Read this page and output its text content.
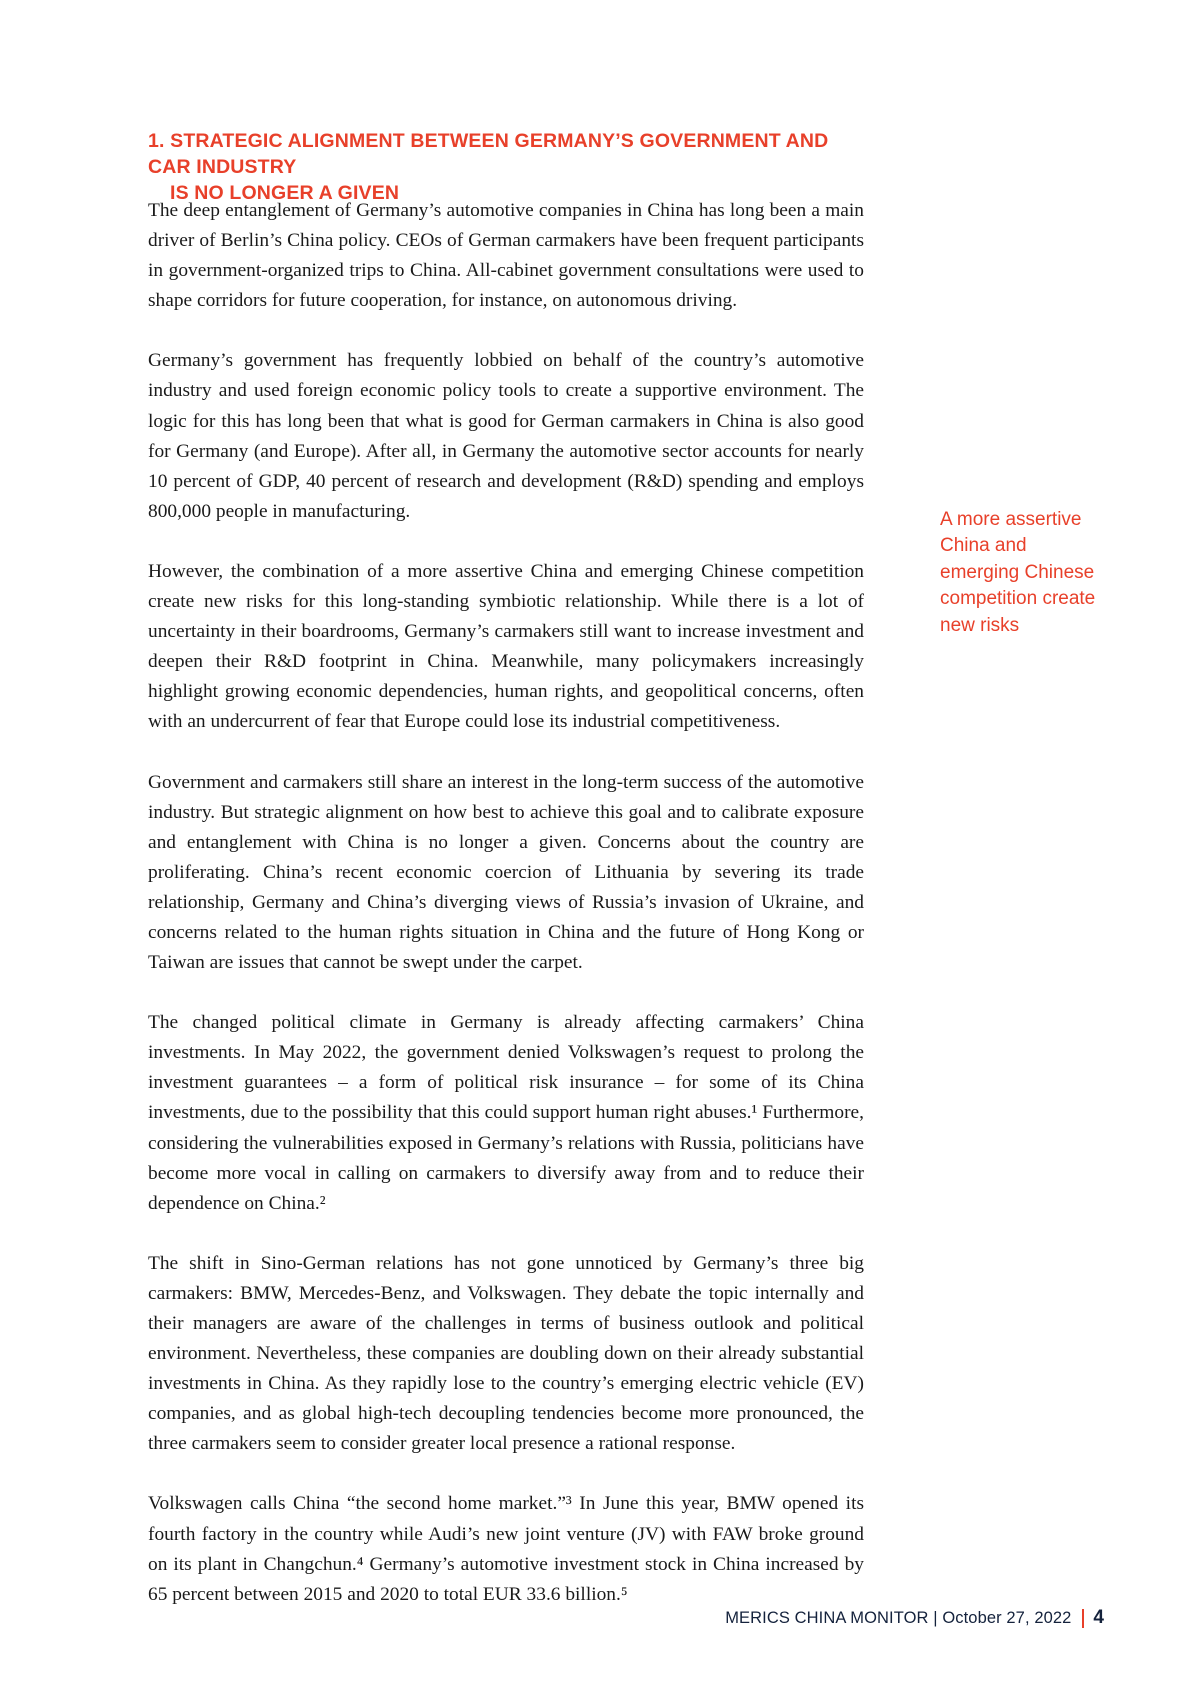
1. STRATEGIC ALIGNMENT BETWEEN GERMANY’S GOVERNMENT AND CAR INDUSTRY
IS NO LONGER A GIVEN

The deep entanglement of Germany’s automotive companies in China has long been a main driver of Berlin’s China policy. CEOs of German carmakers have been frequent participants in government-organized trips to China. All-cabinet government consultations were used to shape corridors for future cooperation, for instance, on autonomous driving.

Germany’s government has frequently lobbied on behalf of the country’s automotive industry and used foreign economic policy tools to create a supportive environment. The logic for this has long been that what is good for German carmakers in China is also good for Germany (and Europe). After all, in Germany the automotive sector accounts for nearly 10 percent of GDP, 40 percent of research and development (R&D) spending and employs 800,000 people in manufacturing.

However, the combination of a more assertive China and emerging Chinese competition create new risks for this long-standing symbiotic relationship. While there is a lot of uncertainty in their boardrooms, Germany’s carmakers still want to increase investment and deepen their R&D footprint in China. Meanwhile, many policymakers increasingly highlight growing economic dependencies, human rights, and geopolitical concerns, often with an undercurrent of fear that Europe could lose its industrial competitiveness.

Government and carmakers still share an interest in the long-term success of the automotive industry. But strategic alignment on how best to achieve this goal and to calibrate exposure and entanglement with China is no longer a given. Concerns about the country are proliferating. China’s recent economic coercion of Lithuania by severing its trade relationship, Germany and China’s diverging views of Russia’s invasion of Ukraine, and concerns related to the human rights situation in China and the future of Hong Kong or Taiwan are issues that cannot be swept under the carpet.

The changed political climate in Germany is already affecting carmakers’ China investments. In May 2022, the government denied Volkswagen’s request to prolong the investment guarantees – a form of political risk insurance – for some of its China investments, due to the possibility that this could support human right abuses.¹ Furthermore, considering the vulnerabilities exposed in Germany’s relations with Russia, politicians have become more vocal in calling on carmakers to diversify away from and to reduce their dependence on China.²

The shift in Sino-German relations has not gone unnoticed by Germany’s three big carmakers: BMW, Mercedes-Benz, and Volkswagen. They debate the topic internally and their managers are aware of the challenges in terms of business outlook and political environment. Nevertheless, these companies are doubling down on their already substantial investments in China. As they rapidly lose to the country’s emerging electric vehicle (EV) companies, and as global high-tech decoupling tendencies become more pronounced, the three carmakers seem to consider greater local presence a rational response.

Volkswagen calls China “the second home market.”³ In June this year, BMW opened its fourth factory in the country while Audi’s new joint venture (JV) with FAW broke ground on its plant in Changchun.⁴ Germany’s automotive investment stock in China increased by 65 percent between 2015 and 2020 to total EUR 33.6 billion.⁵

A more assertive China and emerging Chinese competition create new risks
MERICS CHINA MONITOR | October 27, 2022 4
